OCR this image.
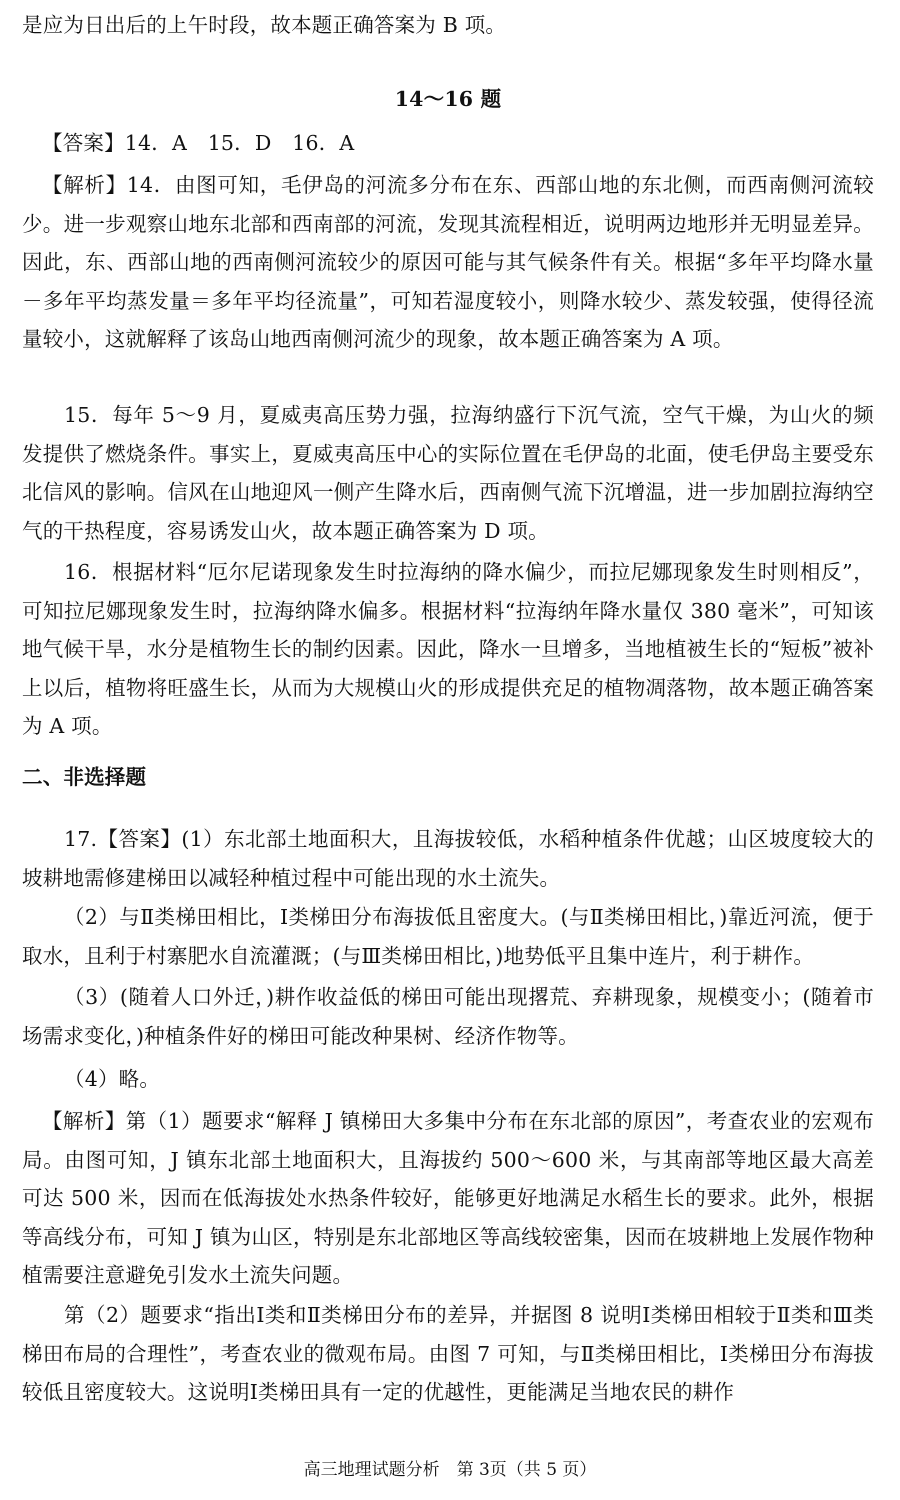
是应为日出后的上午时段，故本题正确答案为 B 项。

14～16 题

【答案】14．A　15．D　16．A

【解析】14．由图可知，毛伊岛的河流多分布在东、西部山地的东北侧，而西南侧河流较少。进一步观察山地东北部和西南部的河流，发现其流程相近，说明两边地形并无明显差异。因此，东、西部山地的西南侧河流较少的原因可能与其气候条件有关。根据“多年平均降水量－多年平均蒸发量＝多年平均径流量”，可知若湿度较小，则降水较少、蒸发较强，使得径流量较小，这就解释了该岛山地西南侧河流少的现象，故本题正确答案为 A 项。

15．每年 5～9 月，夏威夷高压势力强，拉海纳盛行下沉气流，空气干燥，为山火的频发提供了燃烧条件。事实上，夏威夷高压中心的实际位置在毛伊岛的北面，使毛伊岛主要受东北信风的影响。信风在山地迎风一侧产生降水后，西南侧气流下沉增温，进一步加剧拉海纳空气的干热程度，容易诱发山火，故本题正确答案为 D 项。

16．根据材料“厄尔尼诺现象发生时拉海纳的降水偏少，而拉尼娜现象发生时则相反”，可知拉尼娜现象发生时，拉海纳降水偏多。根据材料“拉海纳年降水量仅 380 毫米”，可知该地气候干旱，水分是植物生长的制约因素。因此，降水一旦增多，当地植被生长的“短板”被补上以后，植物将旺盛生长，从而为大规模山火的形成提供充足的植物凋落物，故本题正确答案为 A 项。

二、非选择题

17.【答案】(1）东北部土地面积大，且海拔较低，水稻种植条件优越；山区坡度较大的坡耕地需修建梯田以减轻种植过程中可能出现的水土流失。

（2）与Ⅱ类梯田相比，Ⅰ类梯田分布海拔低且密度大。(与Ⅱ类梯田相比，)靠近河流，便于取水，且利于村寨肥水自流灌溉；(与Ⅲ类梯田相比，)地势低平且集中连片，利于耕作。

（3）(随着人口外迁，)耕作收益低的梯田可能出现撂荒、弃耕现象，规模变小；(随着市场需求变化，)种植条件好的梯田可能改种果树、经济作物等。

（4）略。

【解析】第（1）题要求“解释 J 镇梯田大多集中分布在东北部的原因”，考查农业的宏观布局。由图可知，J 镇东北部土地面积大，且海拔约 500～600 米，与其南部等地区最大高差可达 500 米，因而在低海拔处水热条件较好，能够更好地满足水稻生长的要求。此外，根据等高线分布，可知 J 镇为山区，特别是东北部地区等高线较密集，因而在坡耕地上发展作物种植需要注意避免引发水土流失问题。

第（2）题要求“指出Ⅰ类和Ⅱ类梯田分布的差异，并据图 8 说明Ⅰ类梯田相较于Ⅱ类和Ⅲ类梯田布局的合理性”，考查农业的微观布局。由图 7 可知，与Ⅱ类梯田相比，Ⅰ类梯田分布海拔较低且密度较大。这说明Ⅰ类梯田具有一定的优越性，更能满足当地农民的耕作

高三地理试题分析　第 3页（共 5 页）
